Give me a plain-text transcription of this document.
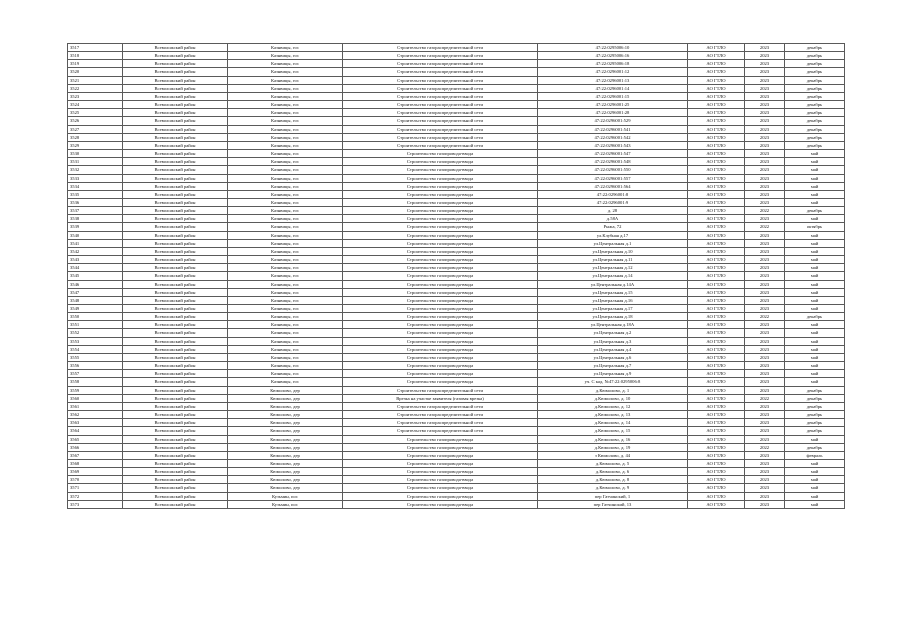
3517	Всеволожский район	Казнвицы, гос	Строительство газораспределительной сети	47:22:0295006:10	АО ГТЛО	2023	декабрь
3518	Всеволожский район	Казнвицы, гос	Строительство газораспределительной сети	47:22:0295006:16	АО ГТЛО	2023	декабрь
3519	Всеволожский район	Казнвицы, гос	Строительство газораспределительной сети	47:22:0295006:18	АО ГТЛО	2023	декабрь
3520	Всеволожский район	Казнвицы, гос	Строительство газораспределительной сети	47:22:0296001:12	АО ГТЛО	2023	декабрь
3521	Всеволожский район	Казнвицы, гос	Строительство газораспределительной сети	47:22:0296001:13	АО ГТЛО	2023	декабрь
3522	Всеволожский район	Казнвицы, гос	Строительство газораспределительной сети	47:22:0296001:14	АО ГТЛО	2023	декабрь
3523	Всеволожский район	Казнвицы, гос	Строительство газораспределительной сети	47:22:0296001:15	АО ГТЛО	2023	декабрь
3524	Всеволожский район	Казнвицы, гос	Строительство газораспределительной сети	47:22:0296001:25	АО ГТЛО	2023	декабрь
3525	Всеволожский район	Казнвицы, гос	Строительство газораспределительной сети	47:22:0296001:28	АО ГТЛО	2023	декабрь
3526	Всеволожский район	Казнвицы, гос	Строительство газораспределительной сети	47:22:0296001:529	АО ГТЛО	2023	декабрь
3527	Всеволожский район	Казнвицы, гос	Строительство газораспределительной сети	47:22:0296001:541	АО ГТЛО	2023	декабрь
3528	Всеволожский район	Казнвицы, гос	Строительство газораспределительной сети	47:22:0296001:542	АО ГТЛО	2023	декабрь
3529	Всеволожский район	Казнвицы, гос	Строительство газораспределительной сети	47:22:0296001:543	АО ГТЛО	2023	декабрь
3530	Всеволожский район	Казнвицы, гос	Строительство газопровода-ввода	47:22:0296001:547	АО ГТЛО	2023	май
3531	Всеволожский район	Казнвицы, гос	Строительство газопровода-ввода	47:22:0296001:548	АО ГТЛО	2023	май
3532	Всеволожский район	Казнвицы, гос	Строительство газопровода-ввода	47:22:0296001:550	АО ГТЛО	2023	май
3533	Всеволожский район	Казнвицы, гос	Строительство газопровода-ввода	47:22:0296001:557	АО ГТЛО	2023	май
3534	Всеволожский район	Казнвицы, гос	Строительство газопровода-ввода	47:22:0296001:564	АО ГТЛО	2023	май
3535	Всеволожский район	Казнвицы, гос	Строительство газопровода-ввода	47:22:0296001:8	АО ГТЛО	2023	май
3536	Всеволожский район	Казнвицы, гос	Строительство газопровода-ввода	47:22:0296001:9	АО ГТЛО	2023	май
3537	Всеволожский район	Казнвицы, гос	Строительство газопровода-ввода	д. 28	АО ГТЛО	2022	декабрь
3538	Всеволожский район	Казнвицы, гос	Строительство газопровода-ввода	д.58А	АО ГТЛО	2023	май
3539	Всеволожский район	Казнвицы, гос	Строительство газопровода-ввода	Рыжа, 72	АО ГТЛО	2022	октябрь
3540	Всеволожский район	Казнвицы, гос	Строительство газопровода-ввода	ул.Клубная д.17	АО ГТЛО	2023	май
3541	Всеволожский район	Казнвицы, гос	Строительство газопровода-ввода	ул.Центральная д.1	АО ГТЛО	2023	май
3542	Всеволожский район	Казнвицы, гос	Строительство газопровода-ввода	ул.Центральная д.10	АО ГТЛО	2023	май
3543	Всеволожский район	Казнвицы, гос	Строительство газопровода-ввода	ул.Центральная д.11	АО ГТЛО	2023	май
3544	Всеволожский район	Казнвицы, гос	Строительство газопровода-ввода	ул.Центральная д.12	АО ГТЛО	2023	май
3545	Всеволожский район	Казнвицы, гос	Строительство газопровода-ввода	ул.Центральная д.14	АО ГТЛО	2023	май
3546	Всеволожский район	Казнвицы, гос	Строительство газопровода-ввода	ул.Центральная д.14А	АО ГТЛО	2023	май
3547	Всеволожский район	Казнвицы, гос	Строительство газопровода-ввода	ул.Центральная д.15	АО ГТЛО	2023	май
3548	Всеволожский район	Казнвицы, гос	Строительство газопровода-ввода	ул.Центральная д.16	АО ГТЛО	2023	май
3549	Всеволожский район	Казнвицы, гос	Строительство газопровода-ввода	ул.Центральная д.17	АО ГТЛО	2023	май
3550	Всеволожский район	Казнвицы, гос	Строительство газопровода-ввода	ул.Центральная д.18	АО ГТЛО	2022	декабрь
3551	Всеволожский район	Казнвицы, гос	Строительство газопровода-ввода	ул.Центральная д.18А	АО ГТЛО	2023	май
3552	Всеволожский район	Казнвицы, гос	Строительство газопровода-ввода	ул.Центральная д.2	АО ГТЛО	2023	май
3553	Всеволожский район	Казнвицы, гос	Строительство газопровода-ввода	ул.Центральная д.3	АО ГТЛО	2023	май
3554	Всеволожский район	Казнвицы, гос	Строительство газопровода-ввода	ул.Центральная д.4	АО ГТЛО	2023	май
3555	Всеволожский район	Казнвицы, гос	Строительство газопровода-ввода	ул.Центральная д.6	АО ГТЛО	2023	май
3556	Всеволожский район	Казнвицы, гос	Строительство газопровода-ввода	ул.Центральная д.7	АО ГТЛО	2023	май
3557	Всеволожский район	Казнвицы, гос	Строительство газопровода-ввода	ул.Центральная д.9	АО ГТЛО	2023	май
3558	Всеволожский район	Казнвицы, гос	Строительство газопровода-ввода	уч. С кад. №47:22:0295006:8	АО ГТЛО	2023	май
3559	Всеволожский район	Кюмолово, дер	Строительство газораспределительной сети	д.Кюмолово, д. 1	АО ГТЛО	2023	декабрь
3560	Всеволожский район	Кюмолово, дер	Врезка на участке заявителя (газовая врезка)	д.Кюмолово, д. 10	АО ГТЛО	2022	декабрь
3561	Всеволожский район	Кюмолово, дер	Строительство газораспределительной сети	д.Кюмолово, д. 12	АО ГТЛО	2023	декабрь
3562	Всеволожский район	Кюмолово, дер	Строительство газораспределительной сети	д.Кюмолово, д. 13	АО ГТЛО	2023	декабрь
3563	Всеволожский район	Кюмолово, дер	Строительство газораспределительной сети	д.Кюмолово, д. 14	АО ГТЛО	2023	декабрь
3564	Всеволожский район	Кюмолово, дер	Строительство газораспределительной сети	д.Кюмолово, д. 15	АО ГТЛО	2023	декабрь
3565	Всеволожский район	Кюмолово, дер	Строительство газопровода-ввода	д.Кюмолово, д. 16	АО ГТЛО	2023	май
3566	Всеволожский район	Кюмолово, дер	Строительство газопровода-ввода	д.Кюмолово, д. 19	АО ГТЛО	2022	декабрь
3567	Всеволожский район	Кюмолово, дер	Строительство газопровода-ввода	з Кюмолово, д. 44	АО ГТЛО	2023	февраль
3568	Всеволожский район	Кюмолово, дер	Строительство газопровода-ввода	д.Кюмолово, д. 5	АО ГТЛО	2023	май
3569	Всеволожский район	Кюмолово, дер	Строительство газопровода-ввода	д.Кюмолово, д. 6	АО ГТЛО	2023	май
3570	Всеволожский район	Кюмолово, дер	Строительство газопровода-ввода	д.Кюмолово, д. 8	АО ГТЛО	2023	май
3571	Всеволожский район	Кюмолово, дер	Строительство газопровода-ввода	д.Кюмолово, д. 9	АО ГТЛО	2023	май
3572	Всеволожский район	Кузьмин, пос	Строительство газопровода-ввода	пер Гатчинский, 1	АО ГТЛО	2023	май
3573	Всеволожский район	Кузьмин, пос	Строительство газопровода-ввода	пер Гатчинский, 13	АО ГТЛО	2023	май
